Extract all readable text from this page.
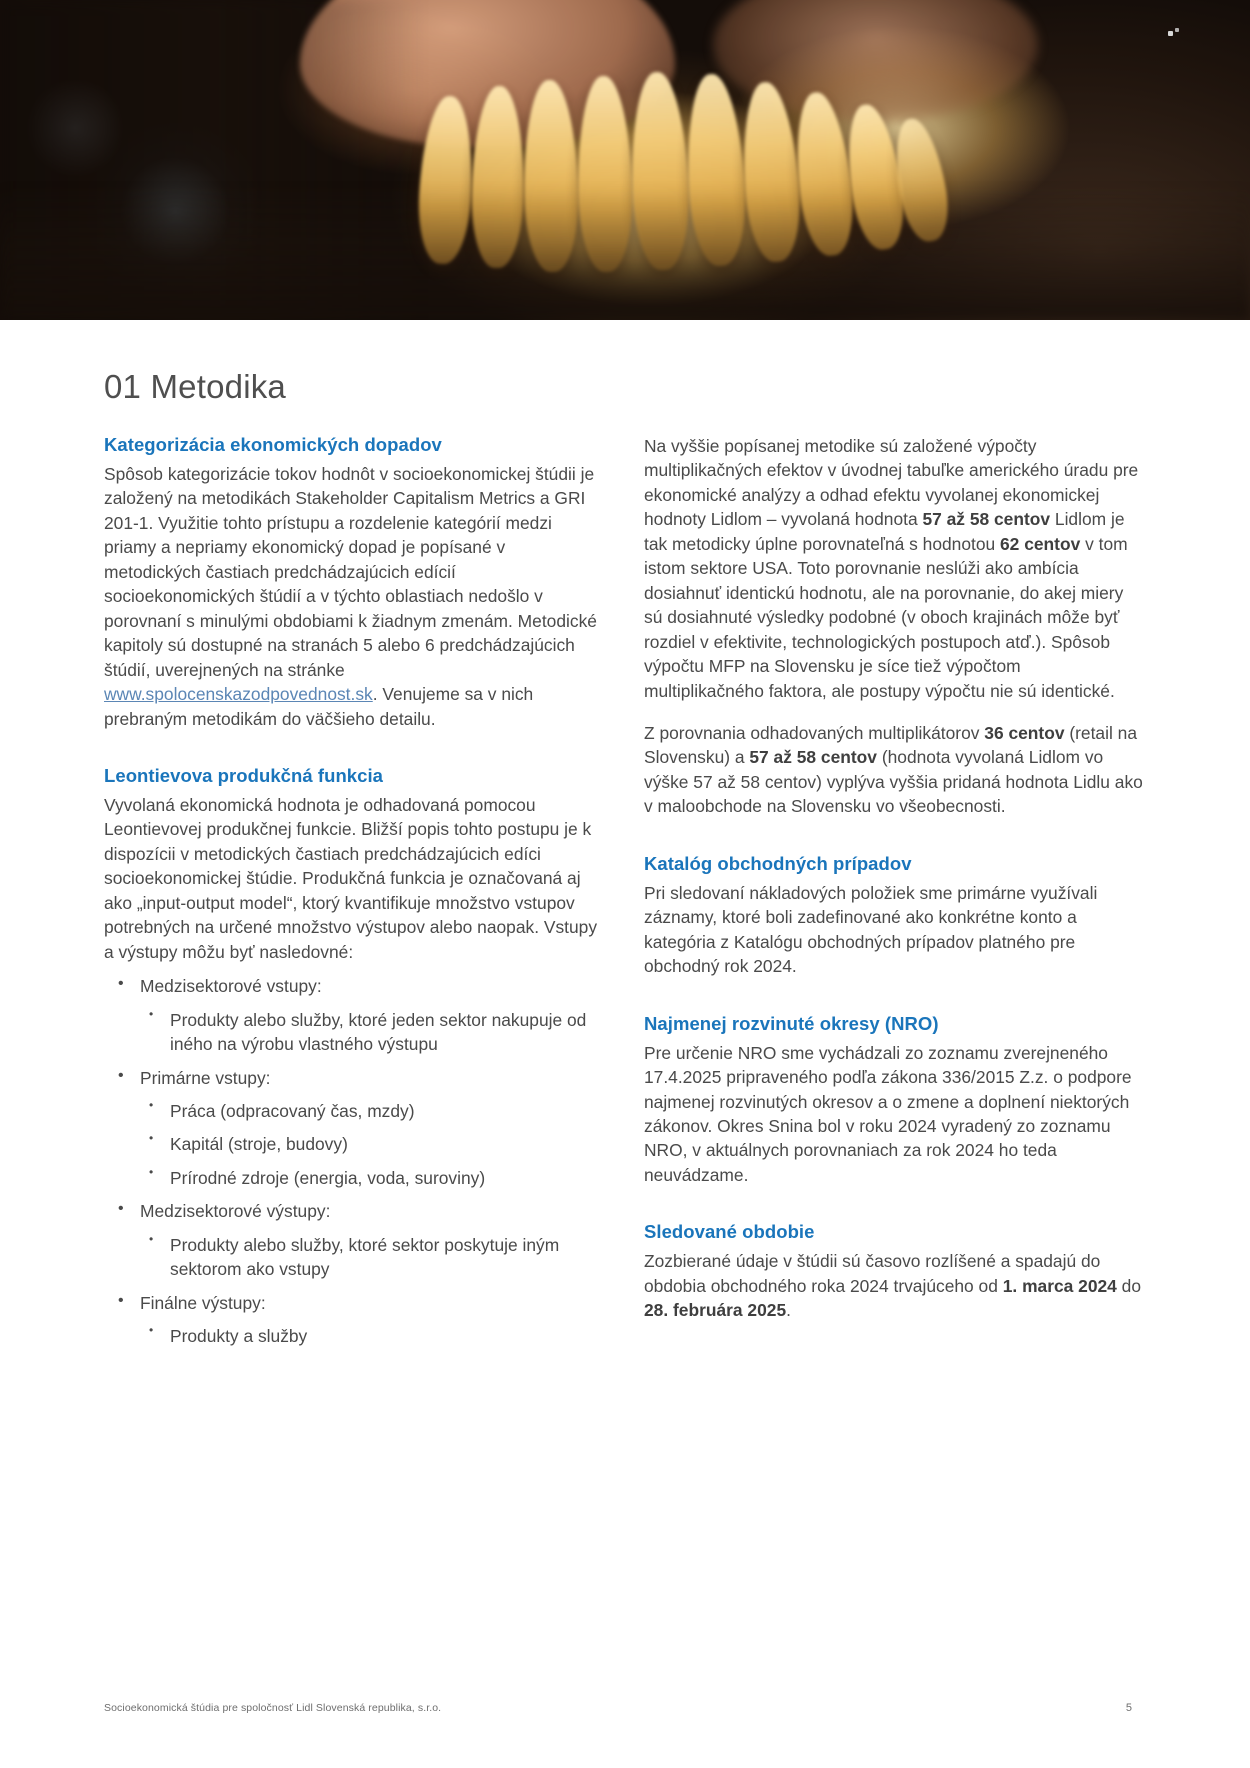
01 Metodika
Kategorizácia ekonomických dopadov

Spôsob kategorizácie tokov hodnôt v socioekonomickej štúdii je založený na metodikách Stakeholder Capitalism Metrics a GRI 201-1. Využitie tohto prístupu a rozdelenie kategórií medzi priamy a nepriamy ekonomický dopad je popísané v metodických častiach predchádzajúcich edícií socioekonomických štúdií a v týchto oblastiach nedošlo v porovnaní s minulými obdobiami k žiadnym zmenám. Metodické kapitoly sú dostupné na stranách 5 alebo 6 predchádzajúcich štúdií, uverejnených na stránke www.spolocenskazodpovednost.sk. Venujeme sa v nich prebraným metodikám do väčšieho detailu.

Leontievova produkčná funkcia

Vyvolaná ekonomická hodnota je odhadovaná pomocou Leontievovej produkčnej funkcie. Bližší popis tohto postupu je k dispozícii v metodických častiach predchádzajúcich edíci socioekonomickej štúdie. Produkčná funkcia je označovaná aj ako „input-output model“, ktorý kvantifikuje množstvo vstupov potrebných na určené množstvo výstupov alebo naopak. Vstupy a výstupy môžu byť nasledovné:

• Medzisektorové vstupy:
• Produkty alebo služby, ktoré jeden sektor nakupuje od iného na výrobu vlastného výstupu
• Primárne vstupy:
• Práca (odpracovaný čas, mzdy)
• Kapitál (stroje, budovy)
• Prírodné zdroje (energia, voda, suroviny)
• Medzisektorové výstupy:
• Produkty alebo služby, ktoré sektor poskytuje iným sektorom ako vstupy
• Finálne výstupy:
• Produkty a služby

Na vyššie popísanej metodike sú založené výpočty multiplikačných efektov v úvodnej tabuľke amerického úradu pre ekonomické analýzy a odhad efektu vyvolanej ekonomickej hodnoty Lidlom – vyvolaná hodnota 57 až 58 centov Lidlom je tak metodicky úplne porovnateľná s hodnotou 62 centov v tom istom sektore USA. Toto porovnanie neslúži ako ambícia dosiahnuť identickú hodnotu, ale na porovnanie, do akej miery sú dosiahnuté výsledky podobné (v oboch krajinách môže byť rozdiel v efektivite, technologických postupoch atď.). Spôsob výpočtu MFP na Slovensku je síce tiež výpočtom multiplikačného faktora, ale postupy výpočtu nie sú identické.

Z porovnania odhadovaných multiplikátorov 36 centov (retail na Slovensku) a 57 až 58 centov (hodnota vyvolaná Lidlom vo výške 57 až 58 centov) vyplýva vyššia pridaná hodnota Lidlu ako v maloobchode na Slovensku vo všeobecnosti.

Katalóg obchodných prípadov

Pri sledovaní nákladových položiek sme primárne využívali záznamy, ktoré boli zadefinované ako konkrétne konto a kategória z Katalógu obchodných prípadov platného pre obchodný rok 2024.

Najmenej rozvinuté okresy (NRO)

Pre určenie NRO sme vychádzali zo zoznamu zverejneného 17.4.2025 pripraveného podľa zákona 336/2015 Z.z. o podpore najmenej rozvinutých okresov a o zmene a doplnení niektorých zákonov. Okres Snina bol v roku 2024 vyradený zo zoznamu NRO, v aktuálnych porovnaniach za rok 2024 ho teda neuvádzame.

Sledované obdobie

Zozbierané údaje v štúdii sú časovo rozlíšené a spadajú do obdobia obchodného roka 2024 trvajúceho od 1. marca 2024 do 28. februára 2025.

Socioekonomická štúdia pre spoločnosť Lidl Slovenská republika, s.r.o.	5
